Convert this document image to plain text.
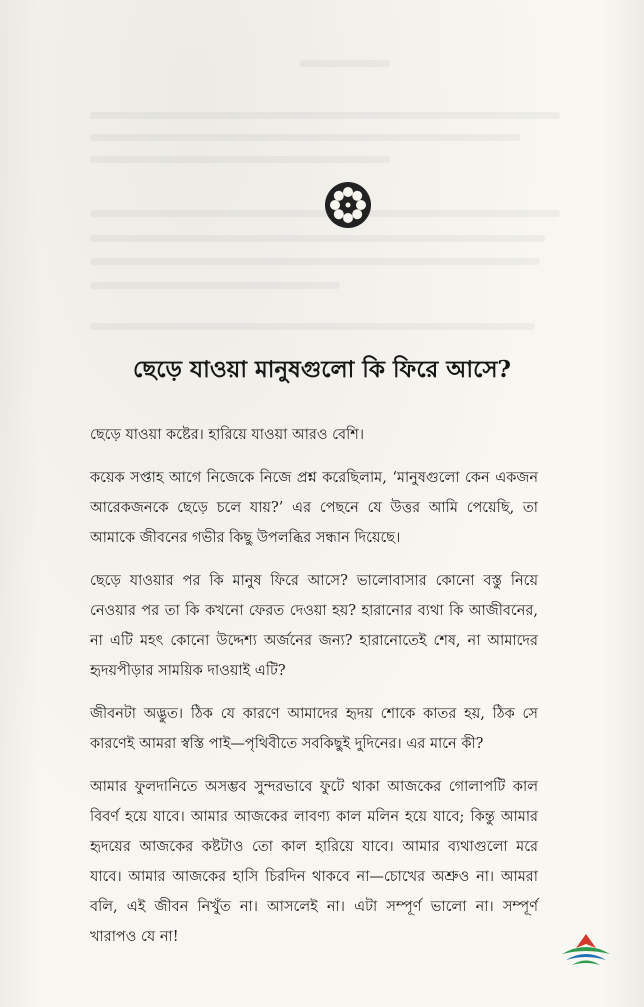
ছেড়ে যাওয়া মানুষগুলো কি ফিরে আসে?

ছেড়ে যাওয়া কষ্টের। হারিয়ে যাওয়া আরও বেশি।

কয়েক সপ্তাহ আগে নিজেকে নিজে প্রশ্ন করেছিলাম, ‘মানুষগুলো কেন একজন আরেকজনকে ছেড়ে চলে যায়?’ এর পেছনে যে উত্তর আমি পেয়েছি, তা আমাকে জীবনের গভীর কিছু উপলব্ধির সন্ধান দিয়েছে।

ছেড়ে যাওয়ার পর কি মানুষ ফিরে আসে? ভালোবাসার কোনো বস্তু নিয়ে নেওয়ার পর তা কি কখনো ফেরত দেওয়া হয়? হারানোর ব্যথা কি আজীবনের, না এটি মহৎ কোনো উদ্দেশ্য অর্জনের জন্য? হারানোতেই শেষ, না আমাদের হৃদয়পীড়ার সাময়িক দাওয়াই এটি?

জীবনটা অদ্ভুত। ঠিক যে কারণে আমাদের হৃদয় শোকে কাতর হয়, ঠিক সে কারণেই আমরা স্বস্তি পাই—পৃথিবীতে সবকিছুই দুদিনের। এর মানে কী?

আমার ফুলদানিতে অসম্ভব সুন্দরভাবে ফুটে থাকা আজকের গোলাপটি কাল বিবর্ণ হয়ে যাবে। আমার আজকের লাবণ্য কাল মলিন হয়ে যাবে; কিন্তু আমার হৃদয়ের আজকের কষ্টটাও তো কাল হারিয়ে যাবে। আমার ব্যথাগুলো মরে যাবে। আমার আজকের হাসি চিরদিন থাকবে না—চোখের অশ্রুও না। আমরা বলি, এই জীবন নিখুঁত না। আসলেই না। এটা সম্পূর্ণ ভালো না। সম্পূর্ণ খারাপও যে না!
